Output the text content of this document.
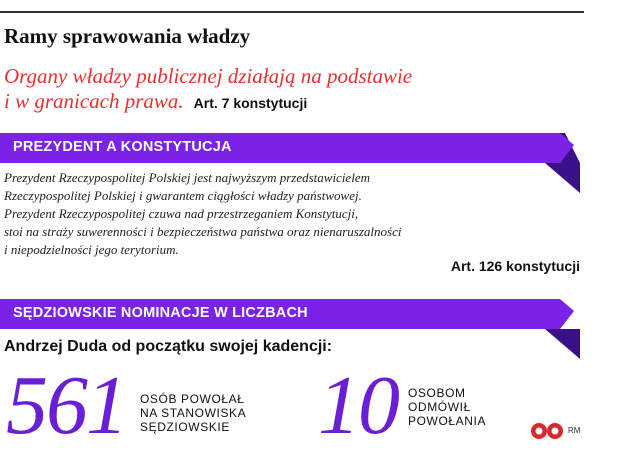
Ramy sprawowania władzy

Organy władzy publicznej działają na podstawie
i w granicach prawa. Art. 7 konstytucji

PREZYDENT A KONSTYTUCJA
Prezydent Rzeczypospolitej Polskiej jest najwyższym przedstawicielem
Rzeczypospolitej Polskiej i gwarantem ciągłości władzy państwowej.
Prezydent Rzeczypospolitej czuwa nad przestrzeganiem Konstytucji,
stoi na straży suwerenności i bezpieczeństwa państwa oraz nienaruszalności
i niepodzielności jego terytorium.
Art. 126 konstytucji
SĘDZIOWSKIE NOMINACJE W LICZBACH
Andrzej Duda od początku swojej kadencji:
561 OSÓB POWOŁAŁ
NA STANOWISKA
SĘDZIOWSKIE 10 OSOBOM
ODMÓWIŁ
POWOŁANIA
RM
